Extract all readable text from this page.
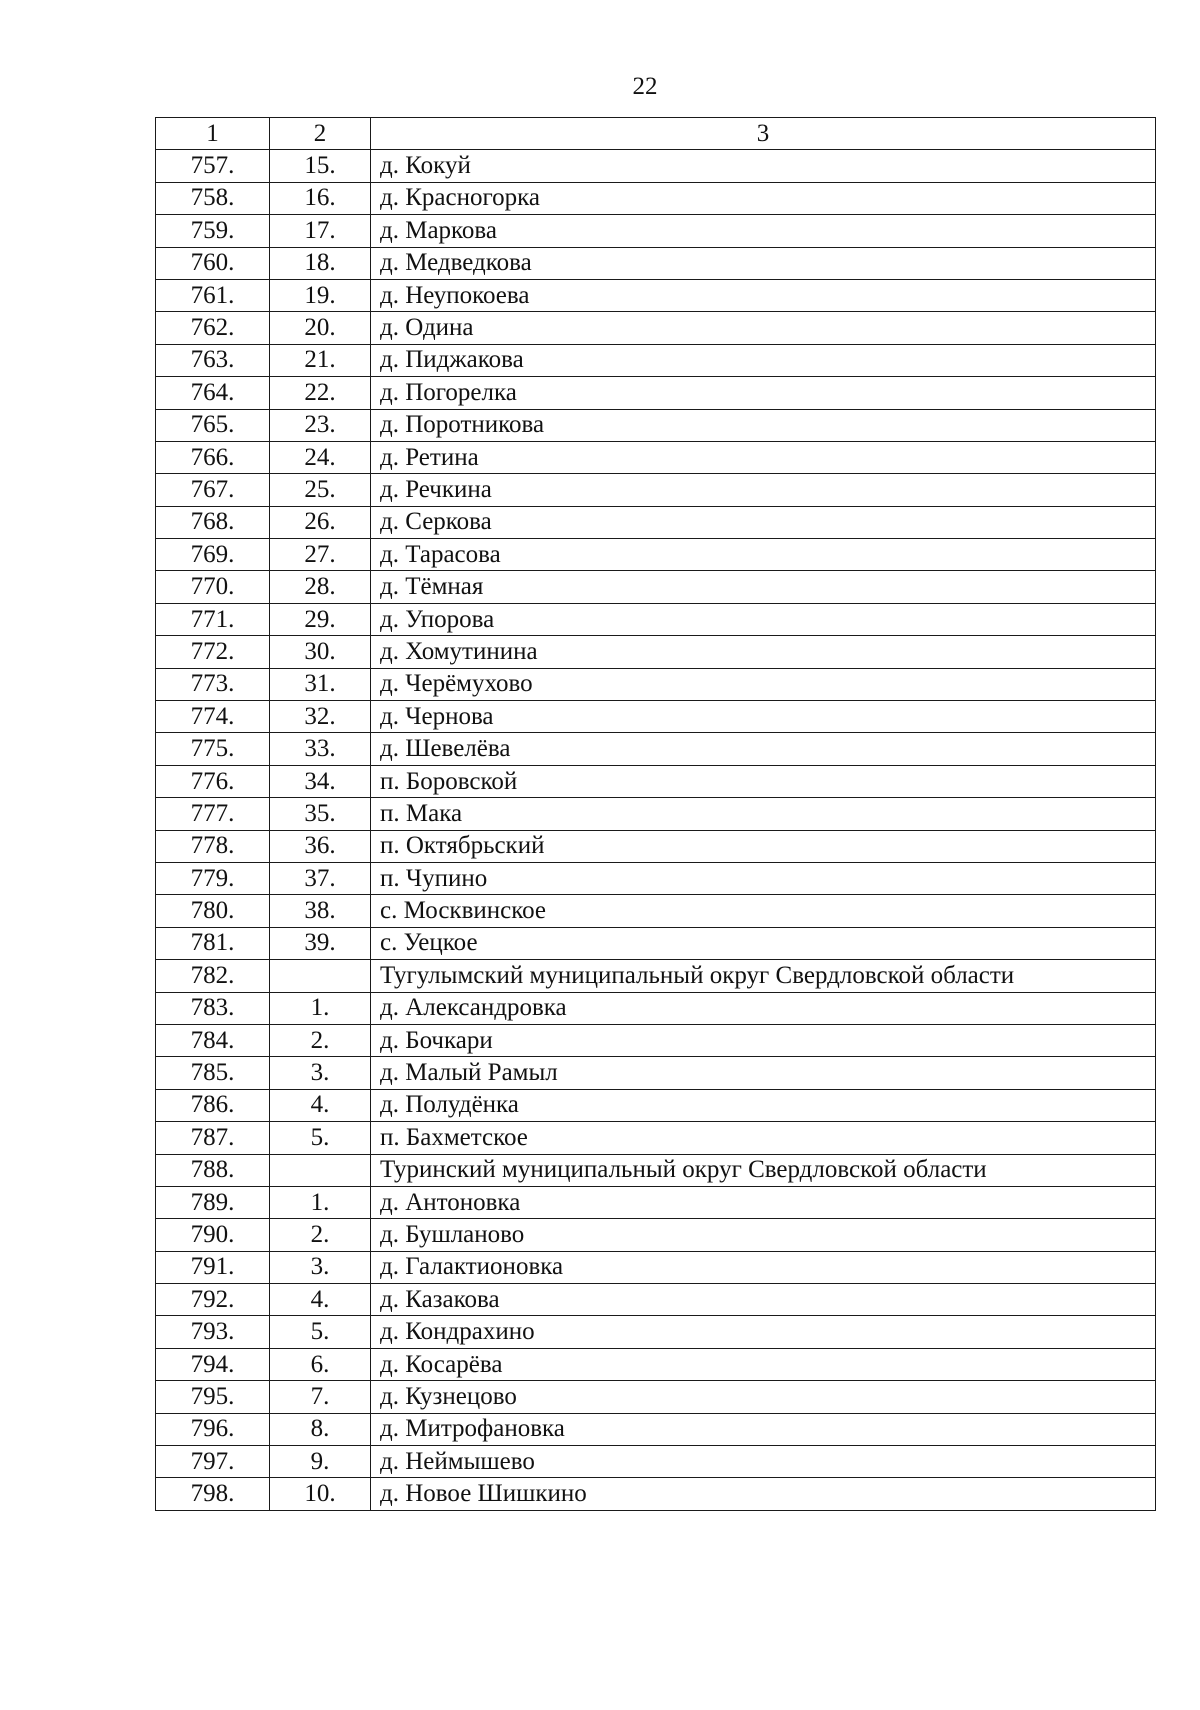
22
1	2	3
757.	15.	д. Кокуй
758.	16.	д. Красногорка
759.	17.	д. Маркова
760.	18.	д. Медведкова
761.	19.	д. Неупокоева
762.	20.	д. Одина
763.	21.	д. Пиджакова
764.	22.	д. Погорелка
765.	23.	д. Поротникова
766.	24.	д. Ретина
767.	25.	д. Речкина
768.	26.	д. Серкова
769.	27.	д. Тарасова
770.	28.	д. Тёмная
771.	29.	д. Упорова
772.	30.	д. Хомутинина
773.	31.	д. Черёмухово
774.	32.	д. Чернова
775.	33.	д. Шевелёва
776.	34.	п. Боровской
777.	35.	п. Мака
778.	36.	п. Октябрьский
779.	37.	п. Чупино
780.	38.	с. Москвинское
781.	39.	с. Уецкое
782.		Тугулымский муниципальный округ Свердловской области
783.	1.	д. Александровка
784.	2.	д. Бочкари
785.	3.	д. Малый Рамыл
786.	4.	д. Полудёнка
787.	5.	п. Бахметское
788.		Туринский муниципальный округ Свердловской области
789.	1.	д. Антоновка
790.	2.	д. Бушланово
791.	3.	д. Галактионовка
792.	4.	д. Казакова
793.	5.	д. Кондрахино
794.	6.	д. Косарёва
795.	7.	д. Кузнецово
796.	8.	д. Митрофановка
797.	9.	д. Неймышево
798.	10.	д. Новое Шишкино
